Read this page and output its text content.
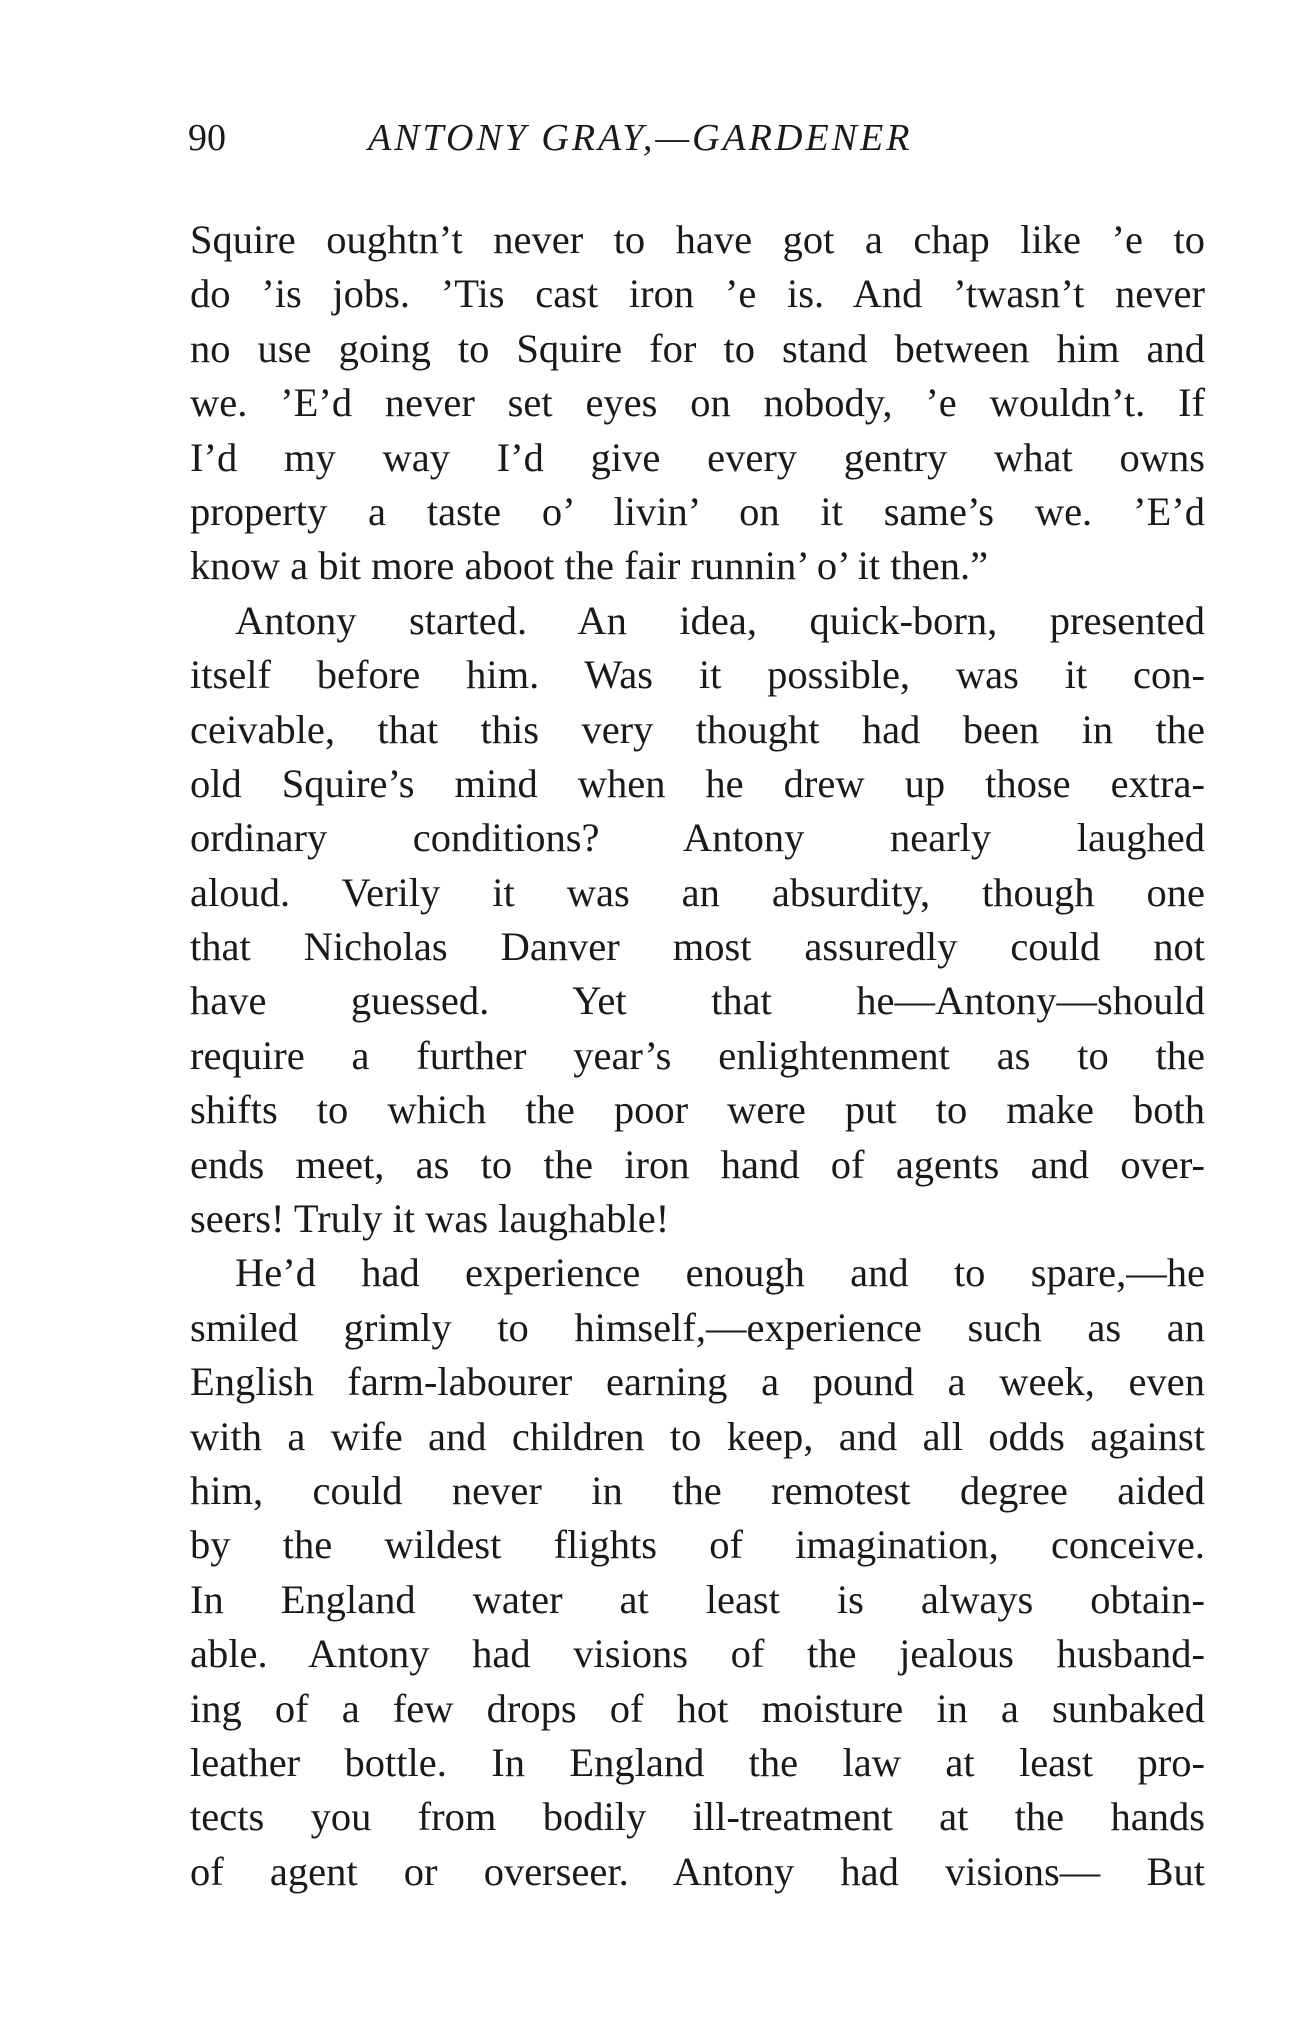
90	ANTONY GRAY,—GARDENER
Squire oughtn’t never to have got a chap like ’e to
do ’is jobs. ’Tis cast iron ’e is. And ’twasn’t never
no use going to Squire for to stand between him and
we. ’E’d never set eyes on nobody, ’e wouldn’t. If
I’d my way I’d give every gentry what owns
property a taste o’ livin’ on it same’s we. ’E’d
know a bit more aboot the fair runnin’ o’ it then.”
Antony started. An idea, quick-born, presented
itself before him. Was it possible, was it con-
ceivable, that this very thought had been in the
old Squire’s mind when he drew up those extra-
ordinary conditions? Antony nearly laughed
aloud. Verily it was an absurdity, though one
that Nicholas Danver most assuredly could not
have guessed. Yet that he—Antony—should
require a further year’s enlightenment as to the
shifts to which the poor were put to make both
ends meet, as to the iron hand of agents and over-
seers! Truly it was laughable!
He’d had experience enough and to spare,—he
smiled grimly to himself,—experience such as an
English farm-labourer earning a pound a week, even
with a wife and children to keep, and all odds against
him, could never in the remotest degree aided
by the wildest flights of imagination, conceive.
In England water at least is always obtain-
able. Antony had visions of the jealous husband-
ing of a few drops of hot moisture in a sunbaked
leather bottle. In England the law at least pro-
tects you from bodily ill-treatment at the hands
of agent or overseer. Antony had visions— But
